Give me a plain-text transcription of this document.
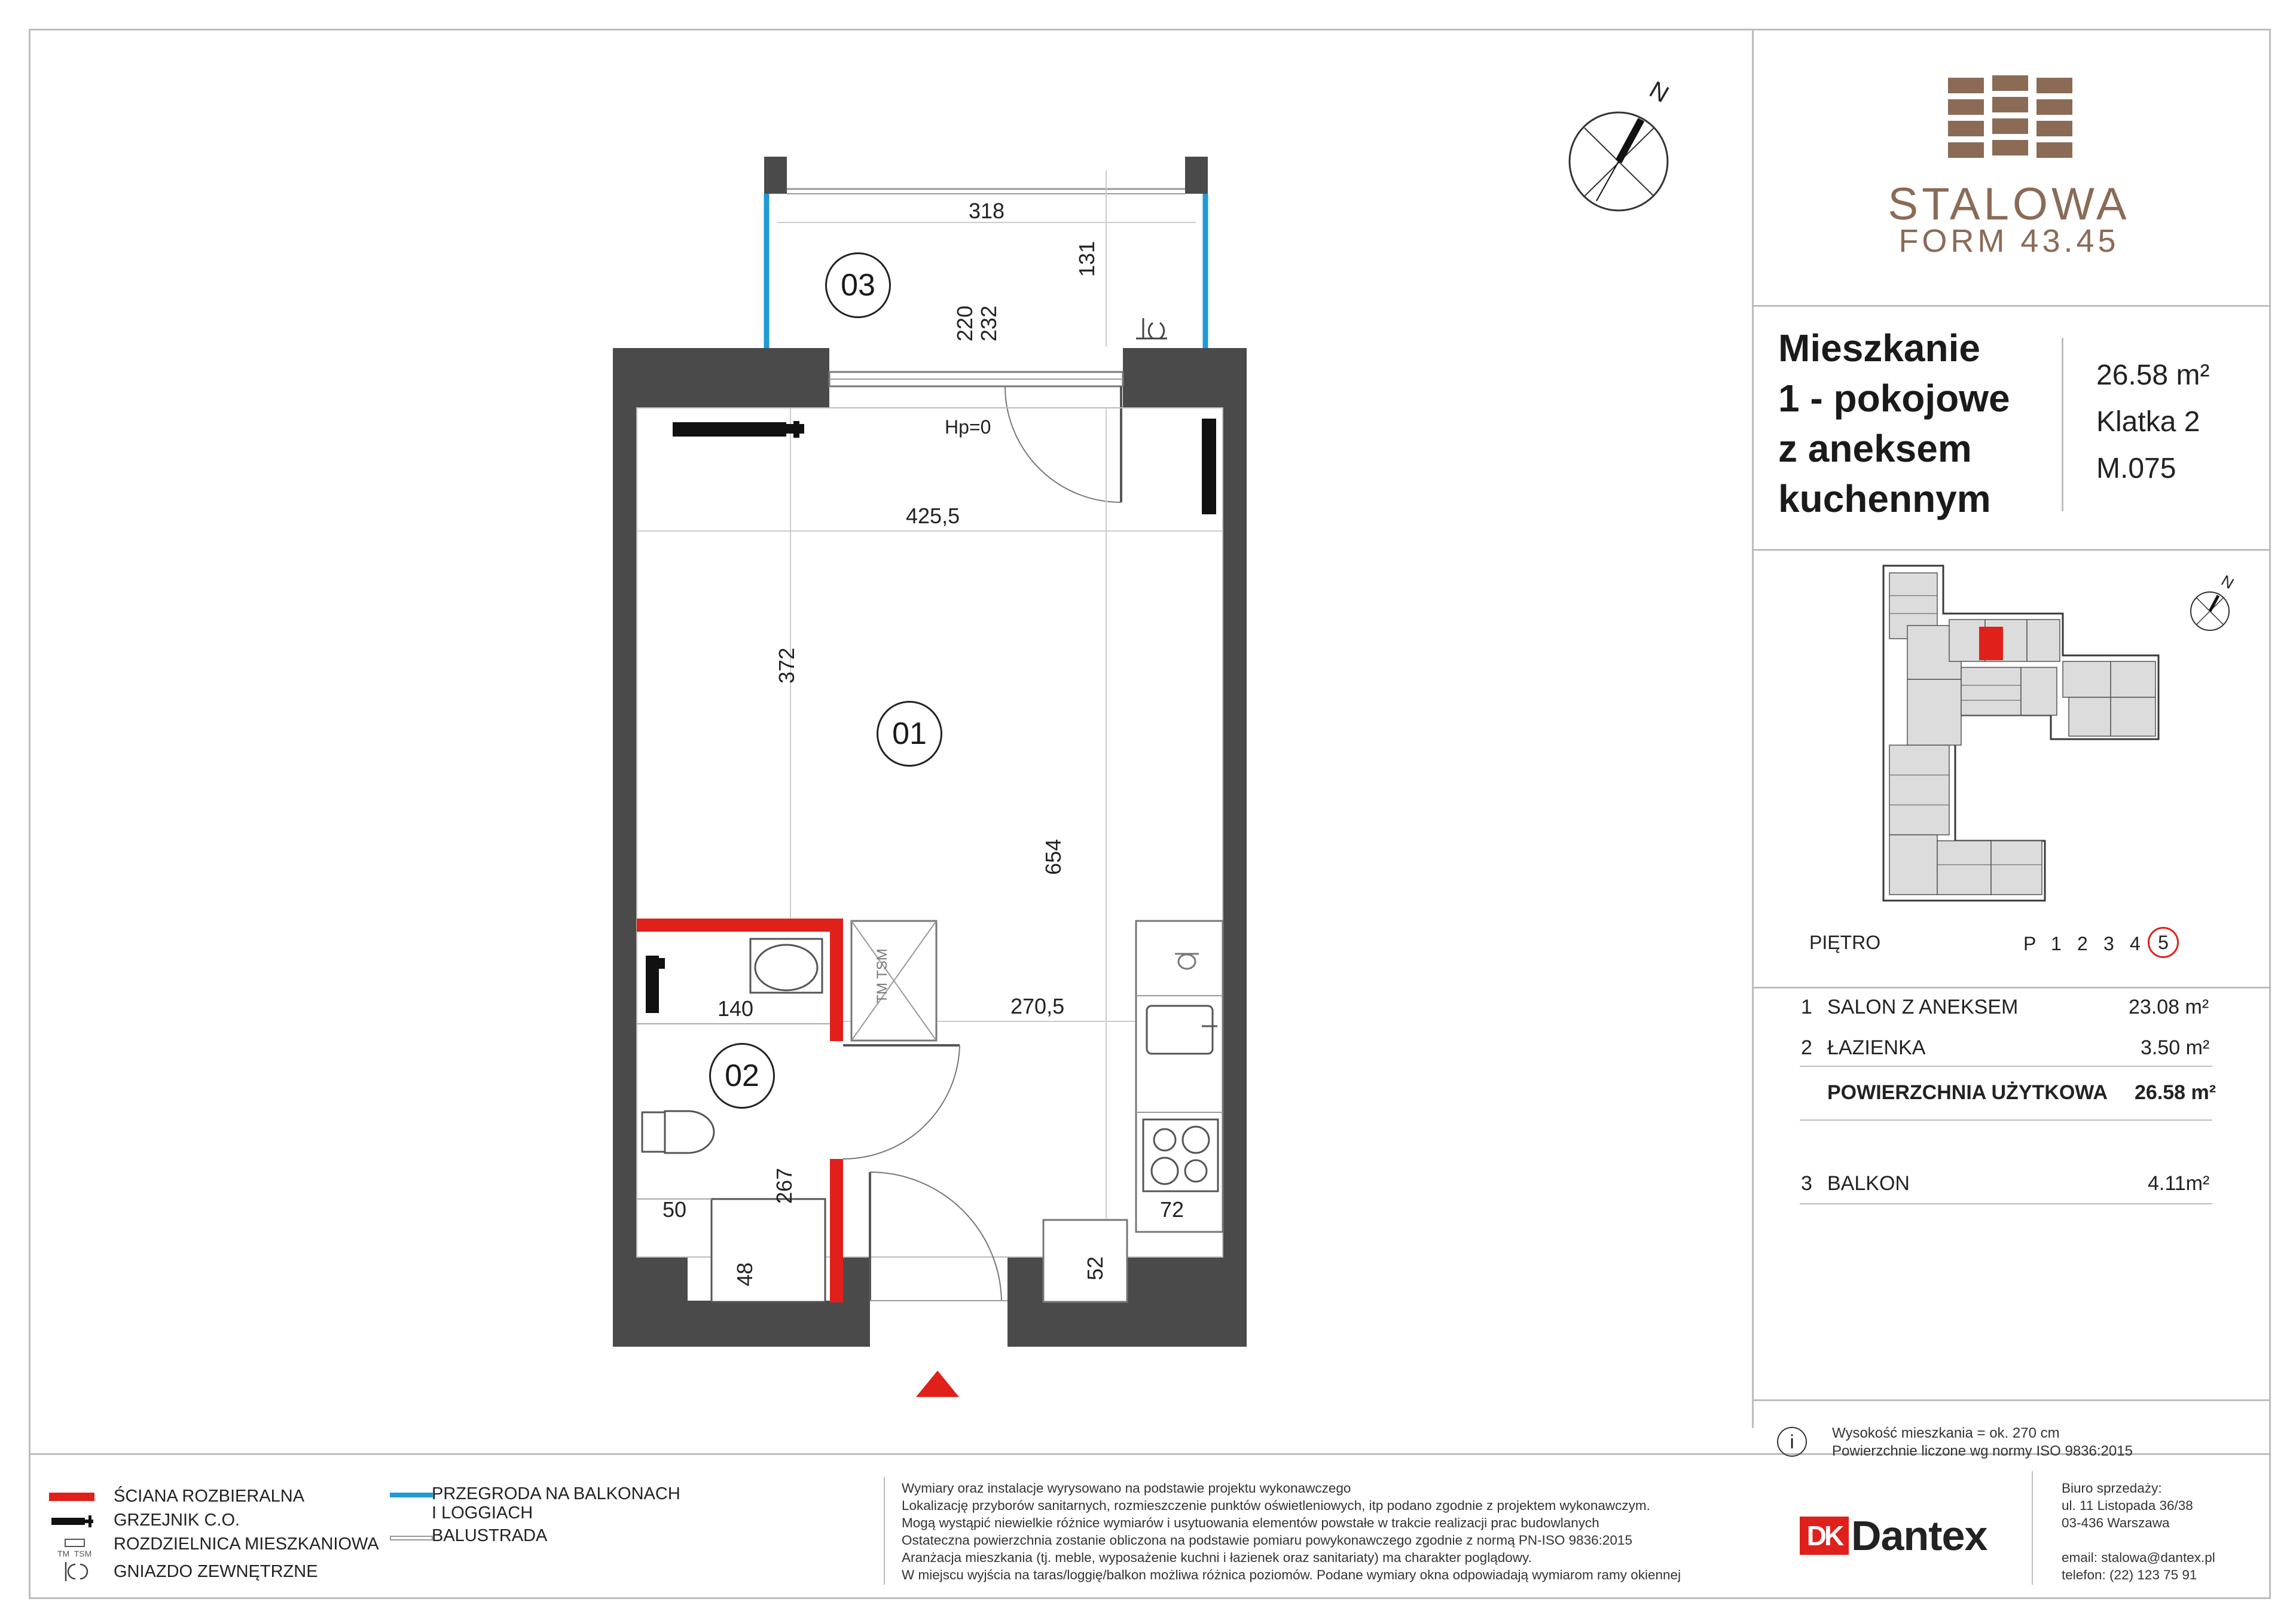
N
03
01
02
318
131
220 232
Hp=0
425,5
372
654
270,5
140
267
50
48
72
52
TM TSM
STALOWA
FORM 43.45
Mieszkanie
1 - pokojowe
z aneksem
kuchennym
26.58 m²
Klatka 2
M.075
N
PIĘTRO	P 1 2 3 4 5
1 SALON Z ANEKSEM	23.08 m²
2 ŁAZIENKA	3.50 m²
POWIERZCHNIA UŻYTKOWA 26.58 m²
3 BALKON	4.11m²
i	Wysokość mieszkania = ok. 270 cm
Powierzchnie liczone wg normy ISO 9836:2015
ŚCIANA ROZBIERALNA
GRZEJNIK C.O.
TM  TSM ROZDZIELNICA MIESZKANIOWA
GNIAZDO ZEWNĘTRZNE
PRZEGRODA NA BALKONACH
I LOGGIACH
BALUSTRADA
Wymiary oraz instalacje wyrysowano na podstawie projektu wykonawczego
Lokalizację przyborów sanitarnych, rozmieszczenie punktów oświetleniowych, itp podano zgodnie z projektem wykonawczym.
Mogą wystąpić niewielkie różnice wymiarów i usytuowania elementów powstałe w trakcie realizacji prac budowlanych
Ostateczna powierzchnia zostanie obliczona na podstawie pomiaru powykonawczego zgodnie z normą PN-ISO 9836:2015
Aranżacja mieszkania (tj. meble, wyposażenie kuchni i łazienek oraz sanitariaty) ma charakter poglądowy.
W miejscu wyjścia na taras/loggię/balkon możliwa różnica poziomów. Podane wymiary okna odpowiadają wymiarom ramy okiennej
DK Dantex
Biuro sprzedaży:
ul. 11 Listopada 36/38
03-436 Warszawa
email: stalowa@dantex.pl
telefon: (22) 123 75 91
